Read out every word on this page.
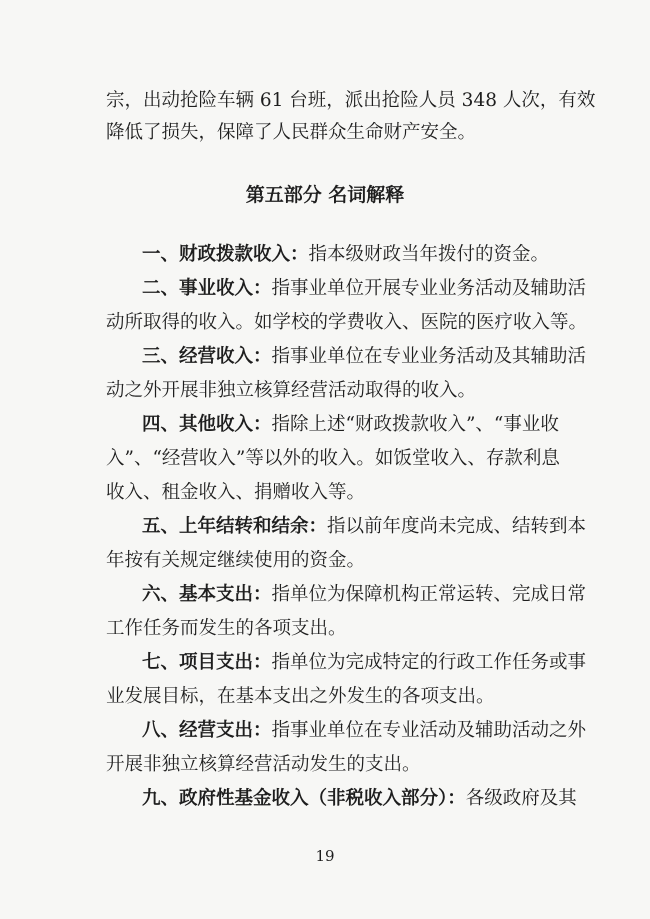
宗，出动抢险车辆 61 台班，派出抢险人员 348 人次，有效
降低了损失，保障了人民群众生命财产安全。
第五部分 名词解释
一、财政拨款收入：指本级财政当年拨付的资金。
二、事业收入：指事业单位开展专业业务活动及辅助活
动所取得的收入。如学校的学费收入、医院的医疗收入等。
三、经营收入：指事业单位在专业业务活动及其辅助活
动之外开展非独立核算经营活动取得的收入。
四、其他收入：指除上述“财政拨款收入”、“事业收
入”、“经营收入”等以外的收入。如饭堂收入、存款利息
收入、租金收入、捐赠收入等。
五、上年结转和结余：指以前年度尚未完成、结转到本
年按有关规定继续使用的资金。
六、基本支出：指单位为保障机构正常运转、完成日常
工作任务而发生的各项支出。
七、项目支出：指单位为完成特定的行政工作任务或事
业发展目标，在基本支出之外发生的各项支出。
八、经营支出：指事业单位在专业活动及辅助活动之外
开展非独立核算经营活动发生的支出。
九、政府性基金收入（非税收入部分）：各级政府及其
19
